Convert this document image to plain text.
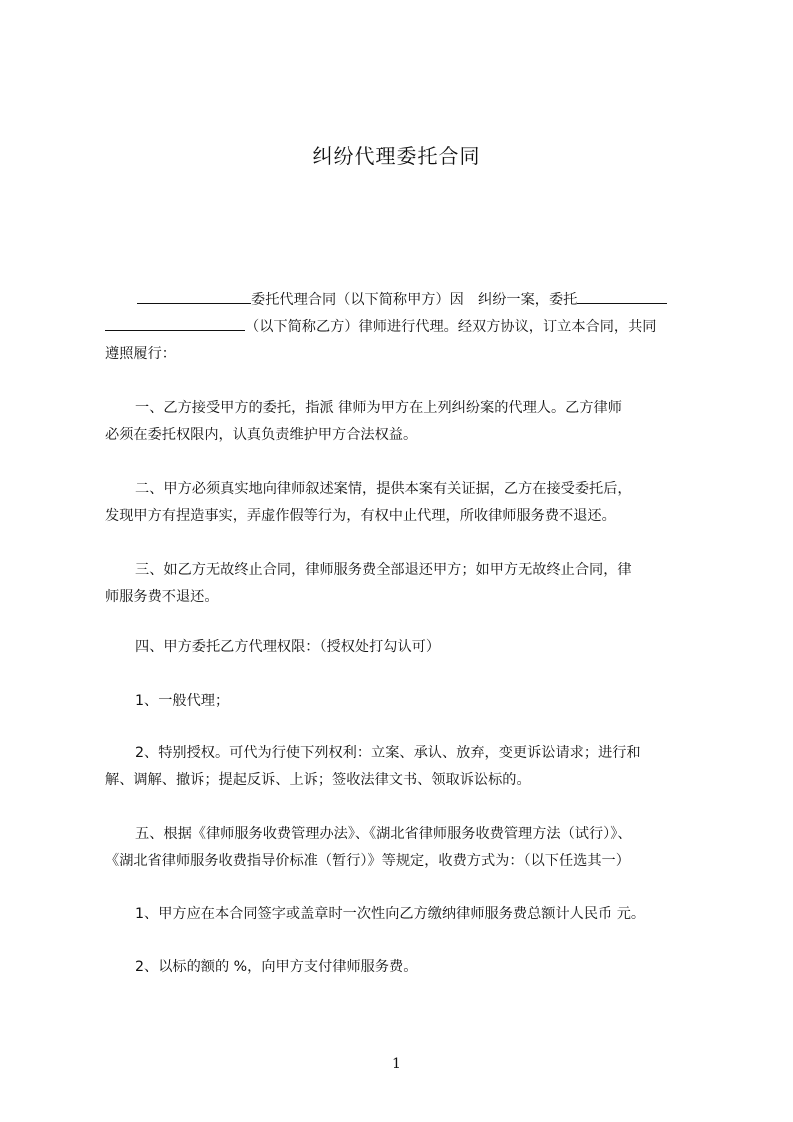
纠纷代理委托合同
委托代理合同（以下简称甲方）因　纠纷一案，委托
（以下简称乙方）律师进行代理。经双方协议，订立本合同，共同
遵照履行：
一、乙方接受甲方的委托，指派 律师为甲方在上列纠纷案的代理人。乙方律师
必须在委托权限内，认真负责维护甲方合法权益。
二、甲方必须真实地向律师叙述案情，提供本案有关证据，乙方在接受委托后，
发现甲方有捏造事实，弄虚作假等行为，有权中止代理，所收律师服务费不退还。
三、如乙方无故终止合同，律师服务费全部退还甲方；如甲方无故终止合同，律
师服务费不退还。
四、甲方委托乙方代理权限：（授权处打勾认可）
1、一般代理；
2、特别授权。可代为行使下列权利：立案、承认、放弃，变更诉讼请求；进行和
解、调解、撤诉；提起反诉、上诉；签收法律文书、领取诉讼标的。
五、根据《律师服务收费管理办法》、《湖北省律师服务收费管理方法（试行）》、
《湖北省律师服务收费指导价标准（暂行）》等规定，收费方式为：（以下任选其一）
1、甲方应在本合同签字或盖章时一次性向乙方缴纳律师服务费总额计人民币 元。
2、以标的额的 %，向甲方支付律师服务费。
1
